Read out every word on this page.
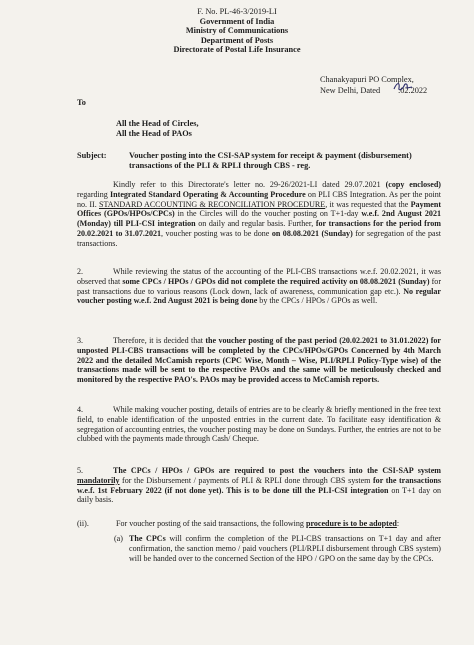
F. No. PL-46-3/2019-LI
Government of India
Ministry of Communications
Department of Posts
Directorate of Postal Life Insurance
Chanakyapuri PO Complex,
New Delhi, Dated .02.2022
To
All the Head of Circles,
All the Head of PAOs
Subject:	Voucher posting into the CSI-SAP system for receipt & payment (disbursement) transactions of the PLI & RPLI through CBS - reg.
Kindly refer to this Directorate's letter no. 29-26/2021-LI dated 29.07.2021 (copy enclosed) regarding Integrated Standard Operating & Accounting Procedure on PLI CBS Integration. As per the point no. II. STANDARD ACCOUNTING & RECONCILIATION PROCEDURE, it was requested that the Payment Offices (GPOs/HPOs/CPCs) in the Circles will do the voucher posting on T+1-day w.e.f. 2nd August 2021 (Monday) till PLI-CSI integration on daily and regular basis. Further, for transactions for the period from 20.02.2021 to 31.07.2021, voucher posting was to be done on 08.08.2021 (Sunday) for segregation of the past transactions.
2.	While reviewing the status of the accounting of the PLI-CBS transactions w.e.f. 20.02.2021, it was observed that some CPCs / HPOs / GPOs did not complete the required activity on 08.08.2021 (Sunday) for past transactions due to various reasons (Lock down, lack of awareness, communication gap etc.). No regular voucher posting w.e.f. 2nd August 2021 is being done by the CPCs / HPOs / GPOs as well.
3.	Therefore, it is decided that the voucher posting of the past period (20.02.2021 to 31.01.2022) for unposted PLI-CBS transactions will be completed by the CPCs/HPOs/GPOs Concerned by 4th March 2022 and the detailed McCamish reports (CPC Wise, Month – Wise, PLI/RPLI Policy-Type wise) of the transactions made will be sent to the respective PAOs and the same will be meticulously checked and monitored by the respective PAO's. PAOs may be provided access to McCamish reports.
4.	While making voucher posting, details of entries are to be clearly & briefly mentioned in the free text field, to enable identification of the unposted entries in the current date. To facilitate easy identification & segregation of accounting entries, the voucher posting may be done on Sundays. Further, the entries are not to be clubbed with the payments made through Cash/ Cheque.
5.	The CPCs / HPOs / GPOs are required to post the vouchers into the CSI-SAP system mandatorily for the Disbursement / payments of PLI & RPLI done through CBS system for the transactions w.e.f. 1st February 2022 (if not done yet). This is to be done till the PLI-CSI integration on T+1 day on daily basis.
(ii).	For voucher posting of the said transactions, the following procedure is to be adopted:
(a) The CPCs will confirm the completion of the PLI-CBS transactions on T+1 day and after confirmation, the sanction memo / paid vouchers (PLI/RPLI disbursement through CBS system) will be handed over to the concerned Section of the HPO / GPO on the same day by the CPCs.
